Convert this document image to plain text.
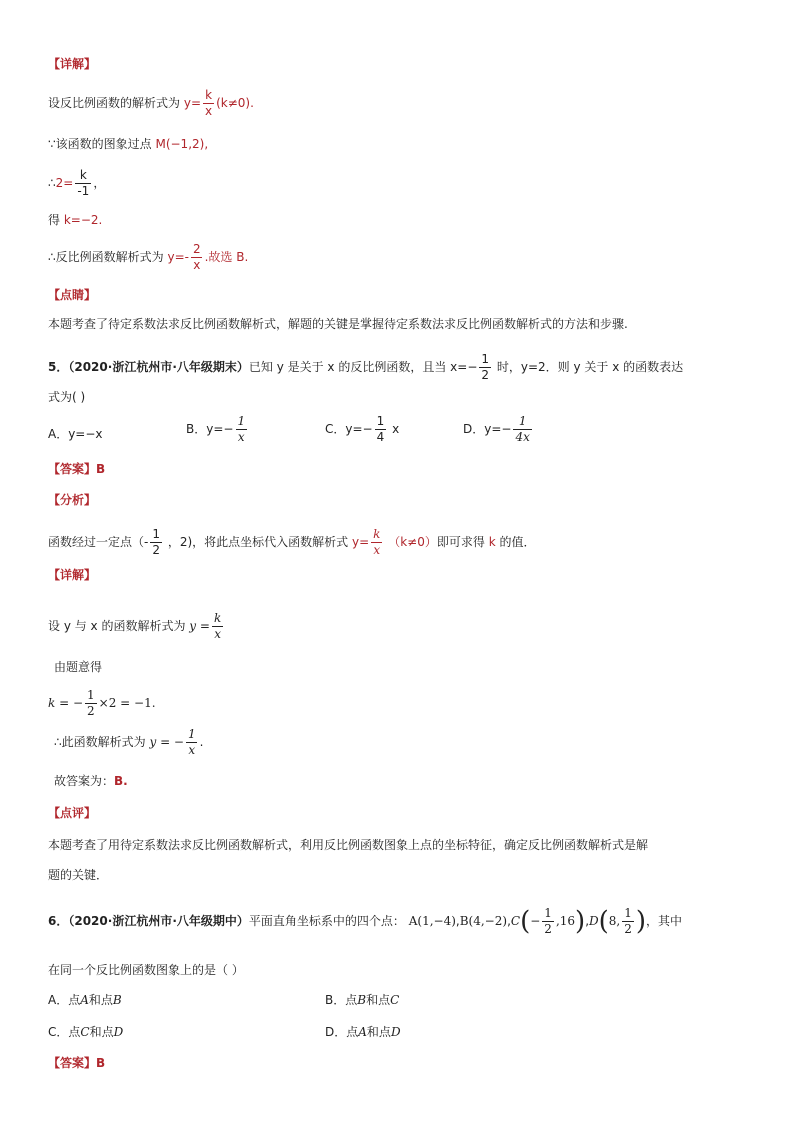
【详解】
设反比例函数的解析式为 $y= \frac{k}{x} (k\ne 0)$.
∵该函数的图象过点 M(−1,2),
∴2= $\frac{k}{-1}$ ，
得 k=−2.
∴反比例函数解析式为 $y=- \frac{2}{x}$ .故选 B.
【点睛】
本题考查了待定系数法求反比例函数解析式，解题的关键是掌握待定系数法求反比例函数解析式的方法和步骤.
5．（2020·浙江杭州市·八年级期末）已知 y 是关于 x 的反比例函数，且当 $x=- \frac{1}{2}$ 时，y=2．则 y 关于 x 的函数表达
式为( )
A．y=−x	B．$y=- \frac{1}{x}$	C．$y=- \frac{1}{4}$ x	D．$y=- \frac{1}{4x}$
【答案】B
【分析】
函数经过一定点（- $\frac{1}{2}$ ，2)，将此点坐标代入函数解析式 $y= \frac{k}{x} (k\ne 0)$即可求得 k 的值．
【详解】
设 y 与 x 的函数解析式为 $y = \frac{k}{x}$
由题意得
k = − $\frac{1}{2} \times 2 = -1$.
∴此函数解析式为 y = − $\frac{1}{x}$ .
故答案为：B.
【点评】
本题考查了用待定系数法求反比例函数解析式，利用反比例函数图象上点的坐标特征，确定反比例函数解析式是解
题的关键．
6．（2020·浙江杭州市·八年级期中）平面直角坐标系中的四个点： $A(1,-4),B(4,-2),C(- \frac{1}{2} ,16),D(8$, $\frac{1}{2}$ )，其中
在同一个反比例函数图象上的是（ ）
A．点A和点B	B．点B和点C
C．点C和点D	D．点A和点D
【答案】B
